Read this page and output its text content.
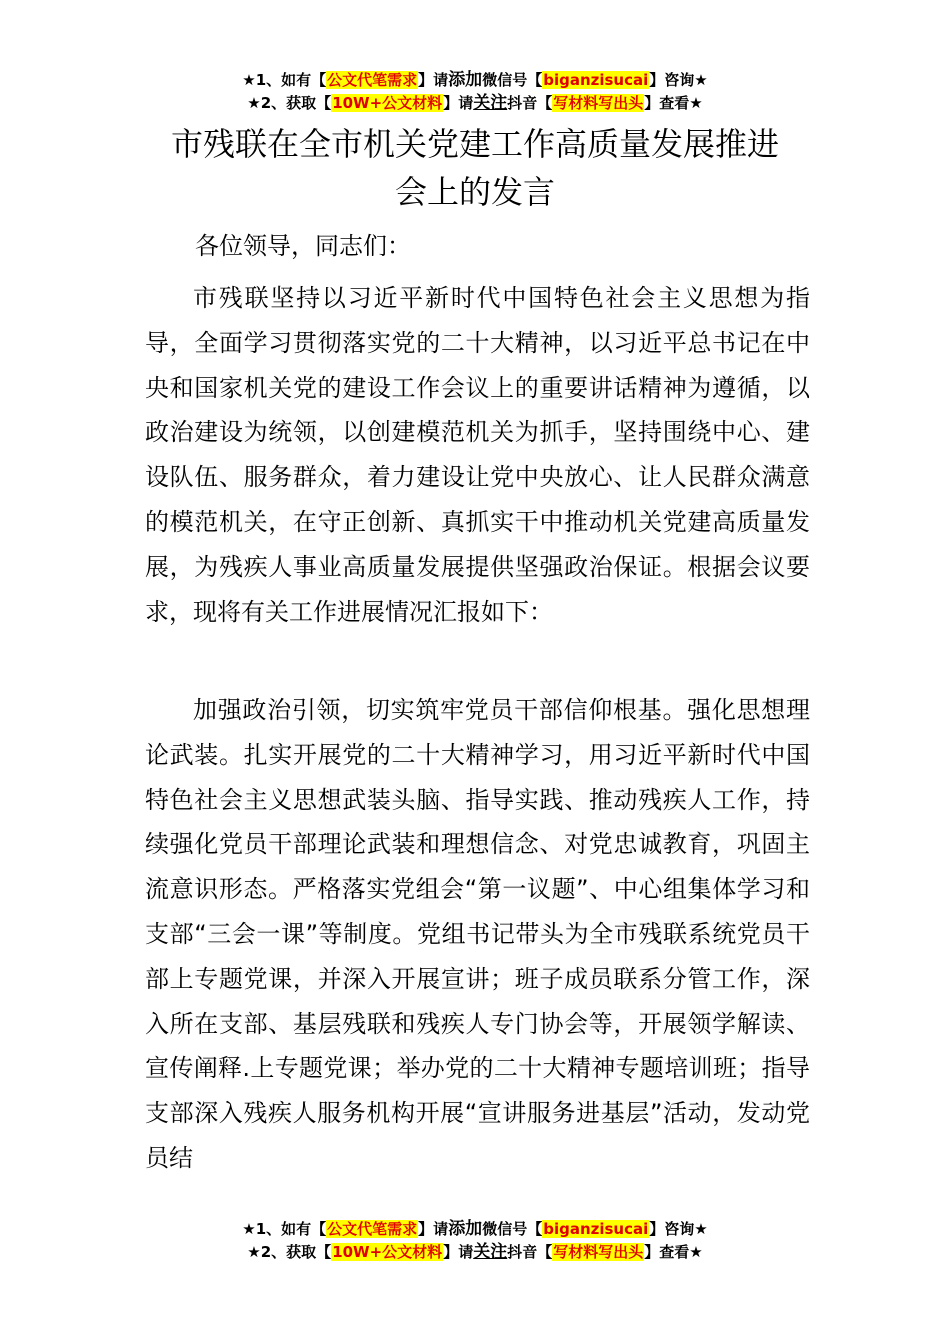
★1、如有【公文代笔需求】请添加微信号【biganzisucai】咨询★
★2、获取【10W+公文材料】请关注抖音【写材料写出头】查看★
市残联在全市机关党建工作高质量发展推进
会上的发言
各位领导，同志们：

市残联坚持以习近平新时代中国特色社会主义思想为指导，全面学习贯彻落实党的二十大精神，以习近平总书记在中央和国家机关党的建设工作会议上的重要讲话精神为遵循，以政治建设为统领，以创建模范机关为抓手，坚持围绕中心、建设队伍、服务群众，着力建设让党中央放心、让人民群众满意的模范机关，在守正创新、真抓实干中推动机关党建高质量发展，为残疾人事业高质量发展提供坚强政治保证。根据会议要求，现将有关工作进展情况汇报如下：

加强政治引领，切实筑牢党员干部信仰根基。强化思想理论武装。扎实开展党的二十大精神学习，用习近平新时代中国特色社会主义思想武装头脑、指导实践、推动残疾人工作，持续强化党员干部理论武装和理想信念、对党忠诚教育，巩固主流意识形态。严格落实党组会“第一议题”、中心组集体学习和支部“三会一课”等制度。党组书记带头为全市残联系统党员干部上专题党课，并深入开展宣讲；班子成员联系分管工作，深入所在支部、基层残联和残疾人专门协会等，开展领学解读、宣传阐释.上专题党课；举办党的二十大精神专题培训班；指导支部深入残疾人服务机构开展“宣讲服务进基层”活动，发动党员结

★1、如有【公文代笔需求】请添加微信号【biganzisucai】咨询★
★2、获取【10W+公文材料】请关注抖音【写材料写出头】查看★
